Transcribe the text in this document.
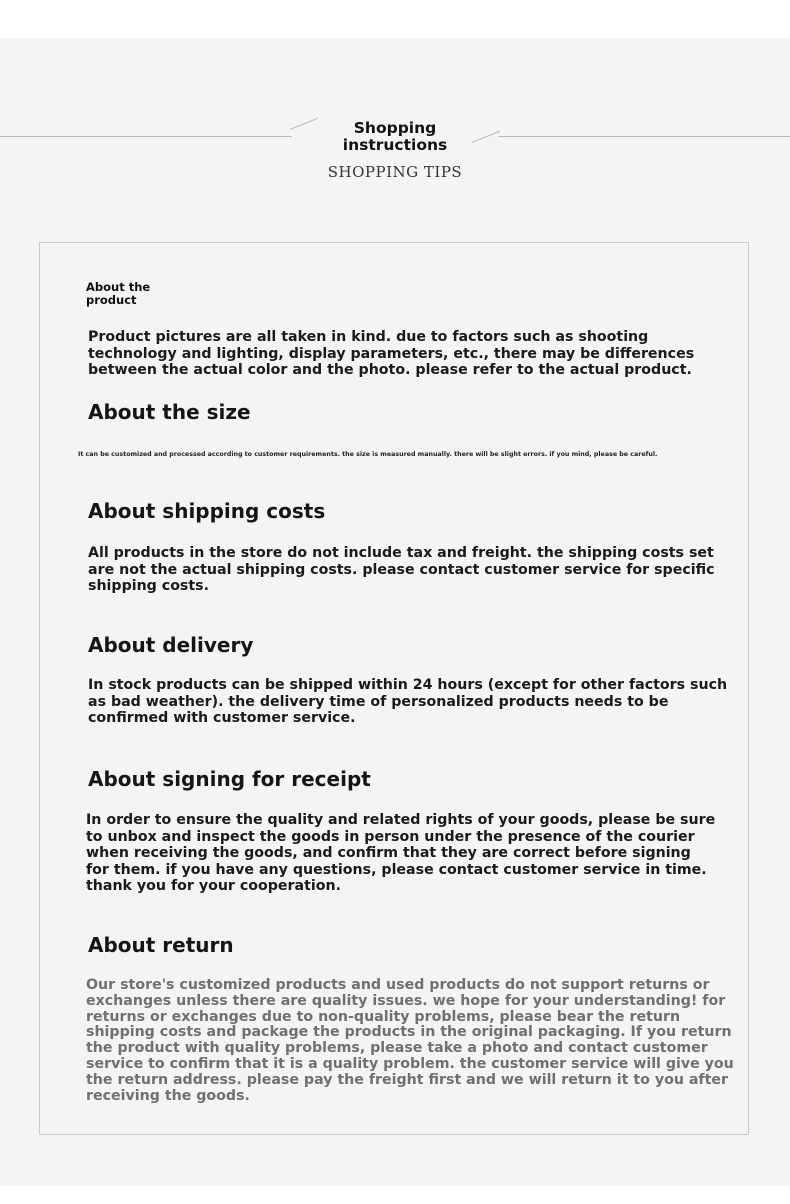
Shopping
instructions
SHOPPING TIPS
About the
product
Product pictures are all taken in kind. due to factors such as shooting technology and lighting, display parameters, etc., there may be differences between the actual color and the photo. please refer to the actual product.
About the size
It can be customized and processed according to customer requirements. the size is measured manually. there will be slight errors. if you mind, please be careful.
About shipping costs
All products in the store do not include tax and freight. the shipping costs set are not the actual shipping costs. please contact customer service for specific shipping costs.
About delivery
In stock products can be shipped within 24 hours (except for other factors such as bad weather). the delivery time of personalized products needs to be confirmed with customer service.
About signing for receipt
In order to ensure the quality and related rights of your goods, please be sure to unbox and inspect the goods in person under the presence of the courier when receiving the goods, and confirm that they are correct before signing for them. if you have any questions, please contact customer service in time. thank you for your cooperation.
About return
Our store's customized products and used products do not support returns or exchanges unless there are quality issues. we hope for your understanding! for returns or exchanges due to non-quality problems, please bear the return shipping costs and package the products in the original packaging. If you return the product with quality problems, please take a photo and contact customer service to confirm that it is a quality problem. the customer service will give you the return address. please pay the freight first and we will return it to you after receiving the goods.
